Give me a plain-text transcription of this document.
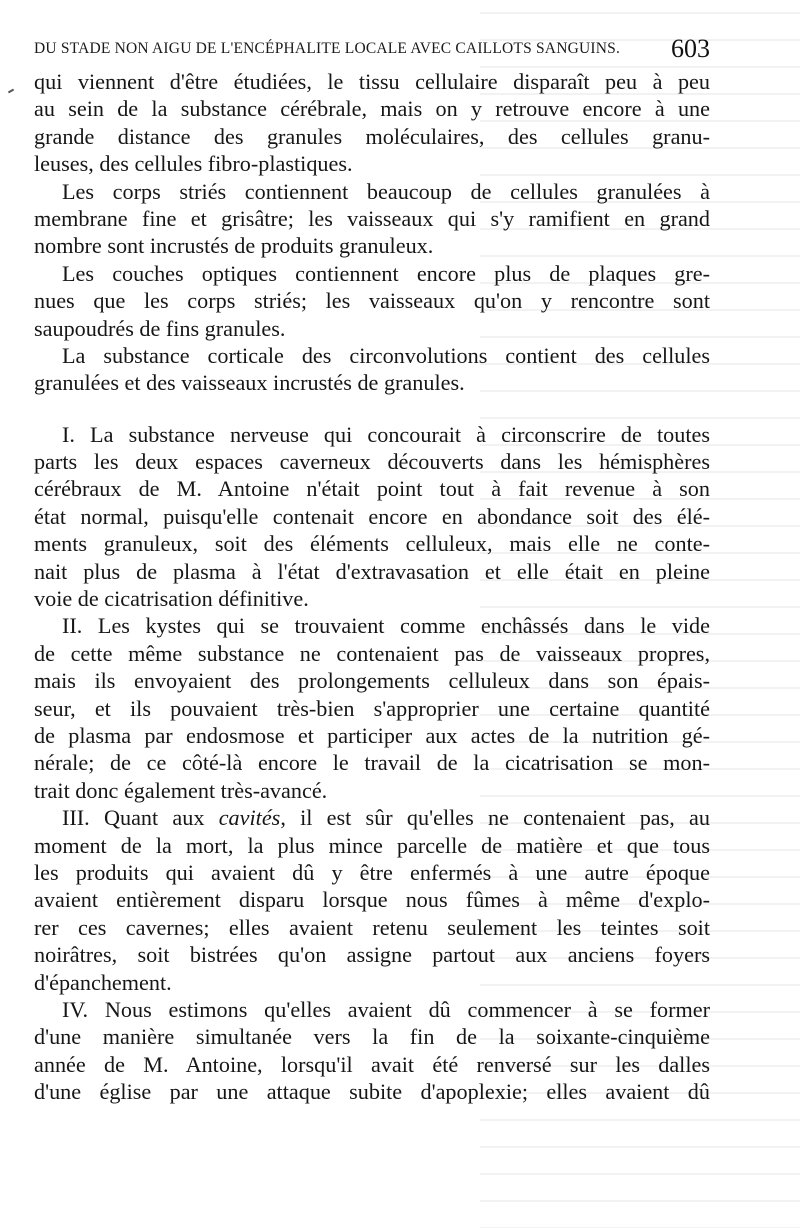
DU STADE NON AIGU DE L'ENCÉPHALITE LOCALE AVEC CAILLOTS SANGUINS. 603
qui viennent d'être étudiées, le tissu cellulaire disparaît peu à peu
au sein de la substance cérébrale, mais on y retrouve encore à une
grande distance des granules moléculaires, des cellules granu-
leuses, des cellules fibro-plastiques.
Les corps striés contiennent beaucoup de cellules granulées à
membrane fine et grisâtre; les vaisseaux qui s'y ramifient en grand
nombre sont incrustés de produits granuleux.
Les couches optiques contiennent encore plus de plaques gre-
nues que les corps striés; les vaisseaux qu'on y rencontre sont
saupoudrés de fins granules.
La substance corticale des circonvolutions contient des cellules
granulées et des vaisseaux incrustés de granules.
I. La substance nerveuse qui concourait à circonscrire de toutes
parts les deux espaces caverneux découverts dans les hémisphères
cérébraux de M. Antoine n'était point tout à fait revenue à son
état normal, puisqu'elle contenait encore en abondance soit des élé-
ments granuleux, soit des éléments celluleux, mais elle ne conte-
nait plus de plasma à l'état d'extravasation et elle était en pleine
voie de cicatrisation définitive.
II. Les kystes qui se trouvaient comme enchâssés dans le vide
de cette même substance ne contenaient pas de vaisseaux propres,
mais ils envoyaient des prolongements celluleux dans son épais-
seur, et ils pouvaient très-bien s'approprier une certaine quantité
de plasma par endosmose et participer aux actes de la nutrition gé-
nérale; de ce côté-là encore le travail de la cicatrisation se mon-
trait donc également très-avancé.
III. Quant aux cavités, il est sûr qu'elles ne contenaient pas, au
moment de la mort, la plus mince parcelle de matière et que tous
les produits qui avaient dû y être enfermés à une autre époque
avaient entièrement disparu lorsque nous fûmes à même d'explo-
rer ces cavernes; elles avaient retenu seulement les teintes soit
noirâtres, soit bistrées qu'on assigne partout aux anciens foyers
d'épanchement.
IV. Nous estimons qu'elles avaient dû commencer à se former
d'une manière simultanée vers la fin de la soixante-cinquième
année de M. Antoine, lorsqu'il avait été renversé sur les dalles
d'une église par une attaque subite d'apoplexie; elles avaient dû
